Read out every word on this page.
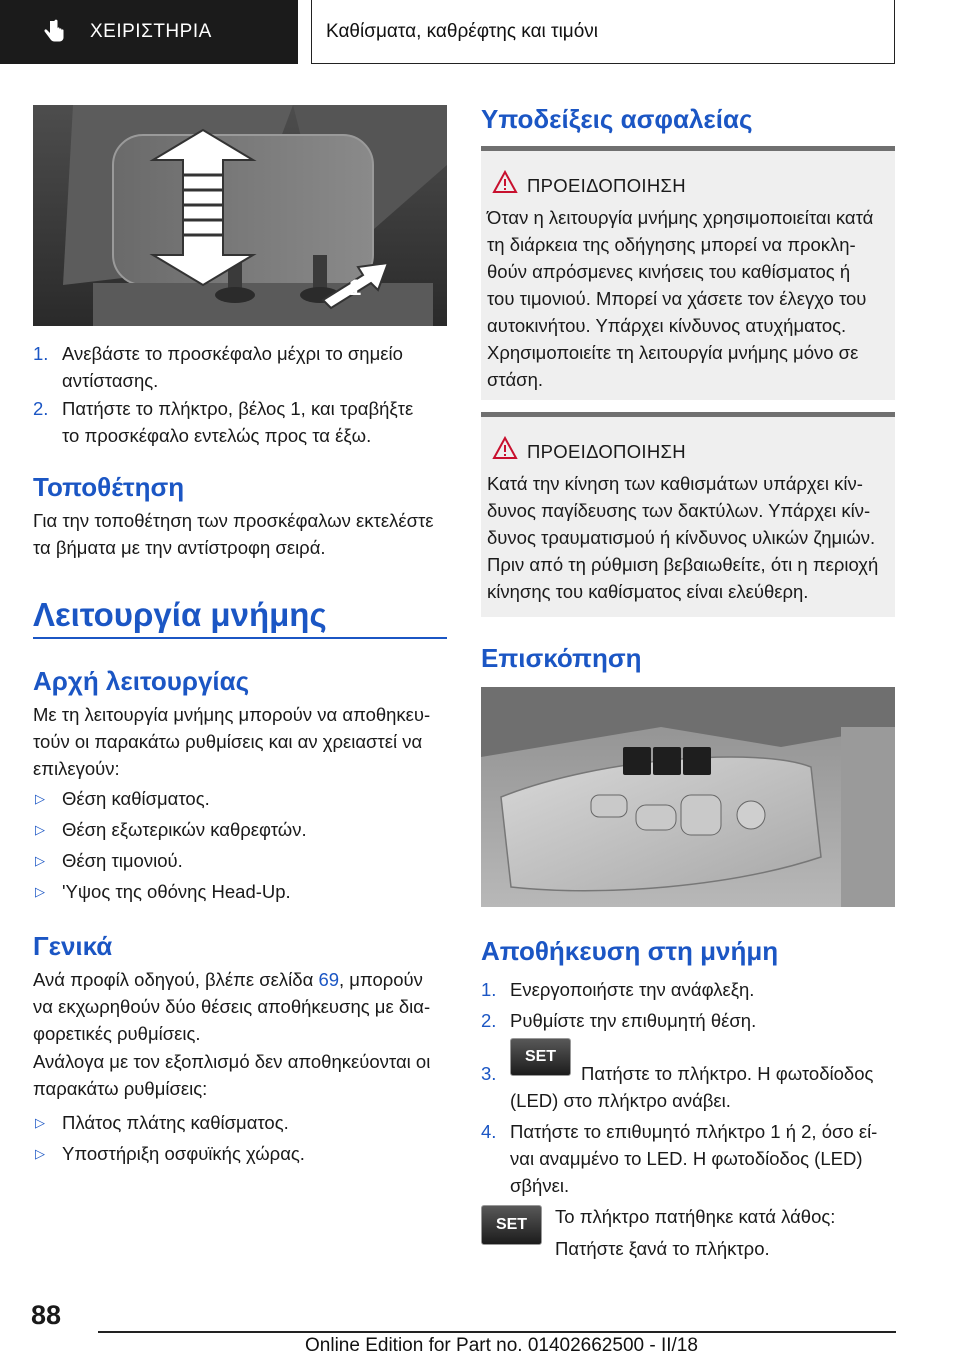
ΧΕΙΡΙΣΤΗΡΙΑ	Καθίσματα, καθρέφτης και τιμόνι
1
1. Ανεβάστε το προσκέφαλο μέχρι το σημείο
αντίστασης.
2. Πατήστε το πλήκτρο, βέλος 1, και τραβήξτε
το προσκέφαλο εντελώς προς τα έξω.
Τοποθέτηση
Για την τοποθέτηση των προσκέφαλων εκτελέστε
τα βήματα με την αντίστροφη σειρά.
Λειτουργία μνήμης
Αρχή λειτουργίας
Με τη λειτουργία μνήμης μπορούν να αποθηκευ-
τούν οι παρακάτω ρυθμίσεις και αν χρειαστεί να
επιλεγούν:
▷ Θέση καθίσματος.
▷ Θέση εξωτερικών καθρεφτών.
▷ Θέση τιμονιού.
▷ 'Υψος της οθόνης Head-Up.
Γενικά
Ανά προφίλ οδηγού, βλέπε σελίδα 69, μπορούν
να εκχωρηθούν δύο θέσεις αποθήκευσης με δια-
φορετικές ρυθμίσεις.
Ανάλογα με τον εξοπλισμό δεν αποθηκεύονται οι
παρακάτω ρυθμίσεις:
▷ Πλάτος πλάτης καθίσματος.
▷ Υποστήριξη οσφυϊκής χώρας.
Υποδείξεις ασφαλείας
ΠΡΟΕΙΔΟΠΟΙΗΣΗ
Όταν η λειτουργία μνήμης χρησιμοποιείται κατά
τη διάρκεια της οδήγησης μπορεί να προκλη-
θούν απρόσμενες κινήσεις του καθίσματος ή
του τιμονιού. Μπορεί να χάσετε τον έλεγχο του
αυτοκινήτου. Υπάρχει κίνδυνος ατυχήματος.
Χρησιμοποιείτε τη λειτουργία μνήμης μόνο σε
στάση.
ΠΡΟΕΙΔΟΠΟΙΗΣΗ
Κατά την κίνηση των καθισμάτων υπάρχει κίν-
δυνος παγίδευσης των δακτύλων. Υπάρχει κίν-
δυνος τραυματισμού ή κίνδυνος υλικών ζημιών.
Πριν από τη ρύθμιση βεβαιωθείτε, ότι η περιοχή
κίνησης του καθίσματος είναι ελεύθερη.
Επισκόπηση
Αποθήκευση στη μνήμη
1. Ενεργοποιήστε την ανάφλεξη.
2. Ρυθμίστε την επιθυμητή θέση.
3.
SET
Πατήστε το πλήκτρο. Η φωτοδίοδος
(LED) στο πλήκτρο ανάβει.
4. Πατήστε το επιθυμητό πλήκτρο 1 ή 2, όσο εί-
ναι αναμμένο το LED. Η φωτοδίοδος (LED)
σβήνει.
SET	Το πλήκτρο πατήθηκε κατά λάθος:
Πατήστε ξανά το πλήκτρο.
88
Online Edition for Part no. 01402662500 - II/18
